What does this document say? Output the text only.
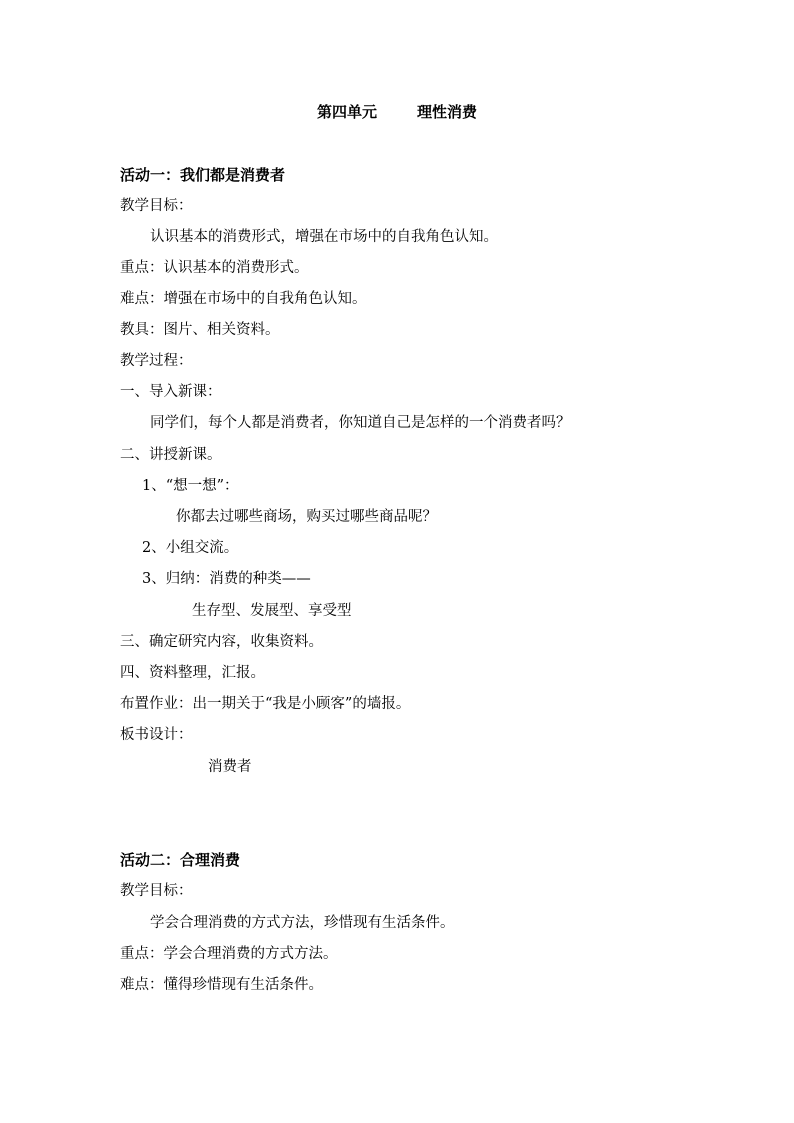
第四单元	理性消费
活动一：我们都是消费者
教学目标：
认识基本的消费形式，增强在市场中的自我角色认知。
重点：认识基本的消费形式。
难点：增强在市场中的自我角色认知。
教具：图片、相关资料。
教学过程：
一、导入新课：
同学们，每个人都是消费者，你知道自己是怎样的一个消费者吗？
二、讲授新课。
1、“想一想”：
你都去过哪些商场，购买过哪些商品呢？
2、小组交流。
3、归纳：消费的种类——
生存型、发展型、享受型
三、确定研究内容，收集资料。
四、资料整理，汇报。
布置作业：出一期关于“我是小顾客”的墙报。
板书设计：
消费者
活动二：合理消费
教学目标：
学会合理消费的方式方法，珍惜现有生活条件。
重点：学会合理消费的方式方法。
难点：懂得珍惜现有生活条件。
